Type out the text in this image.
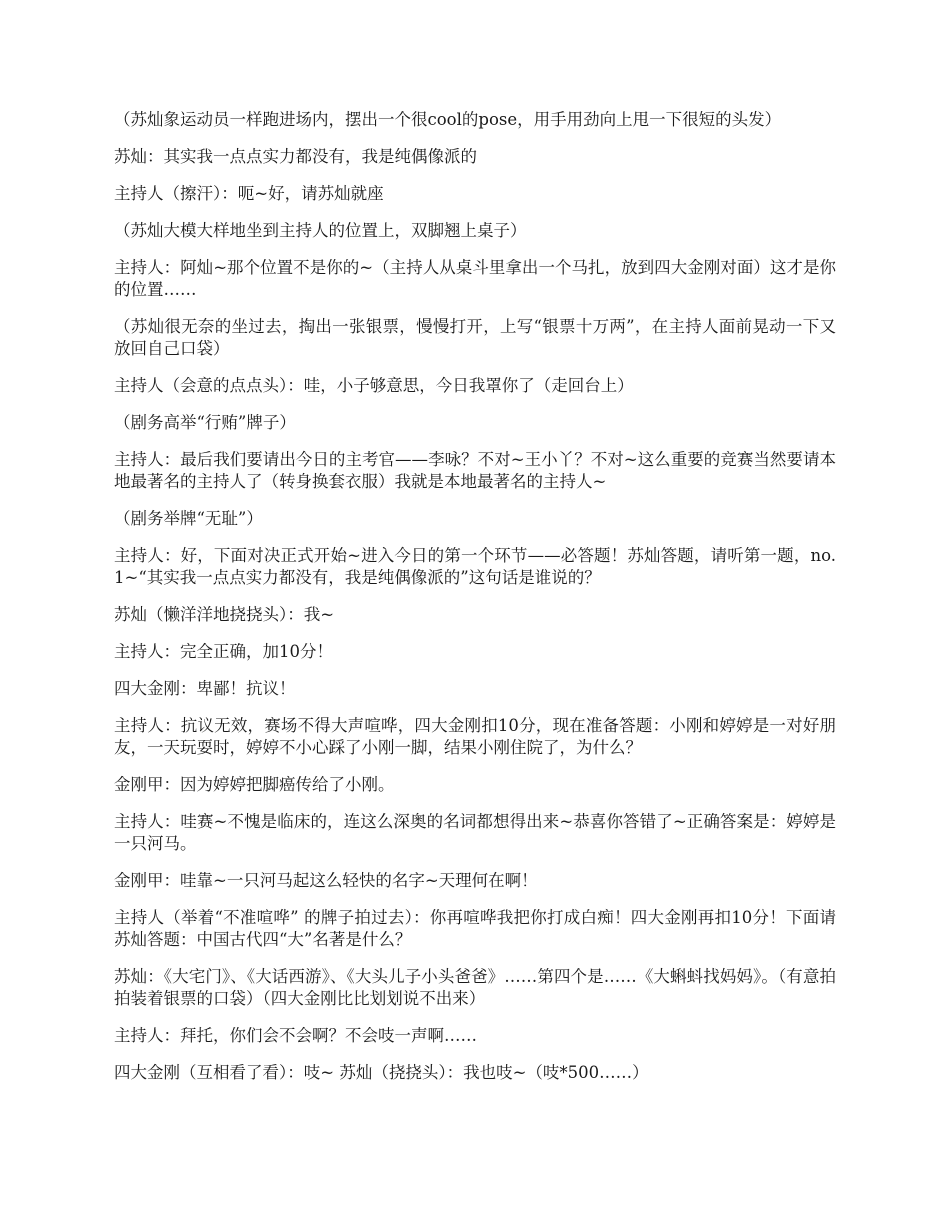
（苏灿象运动员一样跑进场内，摆出一个很cool的pose，用手用劲向上甩一下很短的头发）

苏灿：其实我一点点实力都没有，我是纯偶像派的

主持人（擦汗）：呃~好，请苏灿就座

（苏灿大模大样地坐到主持人的位置上，双脚翘上桌子）

主持人：阿灿~那个位置不是你的~（主持人从桌斗里拿出一个马扎，放到四大金刚对面）这才是你的位置……

（苏灿很无奈的坐过去，掏出一张银票，慢慢打开，上写“银票十万两”，在主持人面前晃动一下又放回自己口袋）

主持人（会意的点点头）：哇，小子够意思，今日我罩你了（走回台上）

（剧务高举“行贿”牌子）

主持人：最后我们要请出今日的主考官——李咏？不对~王小丫？不对~这么重要的竞赛当然要请本地最著名的主持人了（转身换套衣服）我就是本地最著名的主持人~

（剧务举牌“无耻”）

主持人：好，下面对决正式开始~进入今日的第一个环节——必答题！苏灿答题，请听第一题，no.1~“其实我一点点实力都没有，我是纯偶像派的”这句话是谁说的？

苏灿（懒洋洋地挠挠头）：我~

主持人：完全正确，加10分！

四大金刚：卑鄙！抗议！

主持人：抗议无效，赛场不得大声喧哗，四大金刚扣10分，现在准备答题：小刚和婷婷是一对好朋友，一天玩耍时，婷婷不小心踩了小刚一脚，结果小刚住院了，为什么？

金刚甲：因为婷婷把脚癌传给了小刚。

主持人：哇赛~不愧是临床的，连这么深奥的名词都想得出来~恭喜你答错了~正确答案是：婷婷是一只河马。

金刚甲：哇靠~一只河马起这么轻快的名字~天理何在啊！

主持人（举着“不准喧哗” 的牌子拍过去）：你再喧哗我把你打成白痴！四大金刚再扣10分！下面请苏灿答题：中国古代四“大”名著是什么？

苏灿：《大宅门》、《大话西游》、《大头儿子小头爸爸》……第四个是……《大蝌蚪找妈妈》。（有意拍拍装着银票的口袋）（四大金刚比比划划说不出来）

主持人：拜托，你们会不会啊？不会吱一声啊……

四大金刚（互相看了看）：吱~ 苏灿（挠挠头）：我也吱~（吱*500……）
